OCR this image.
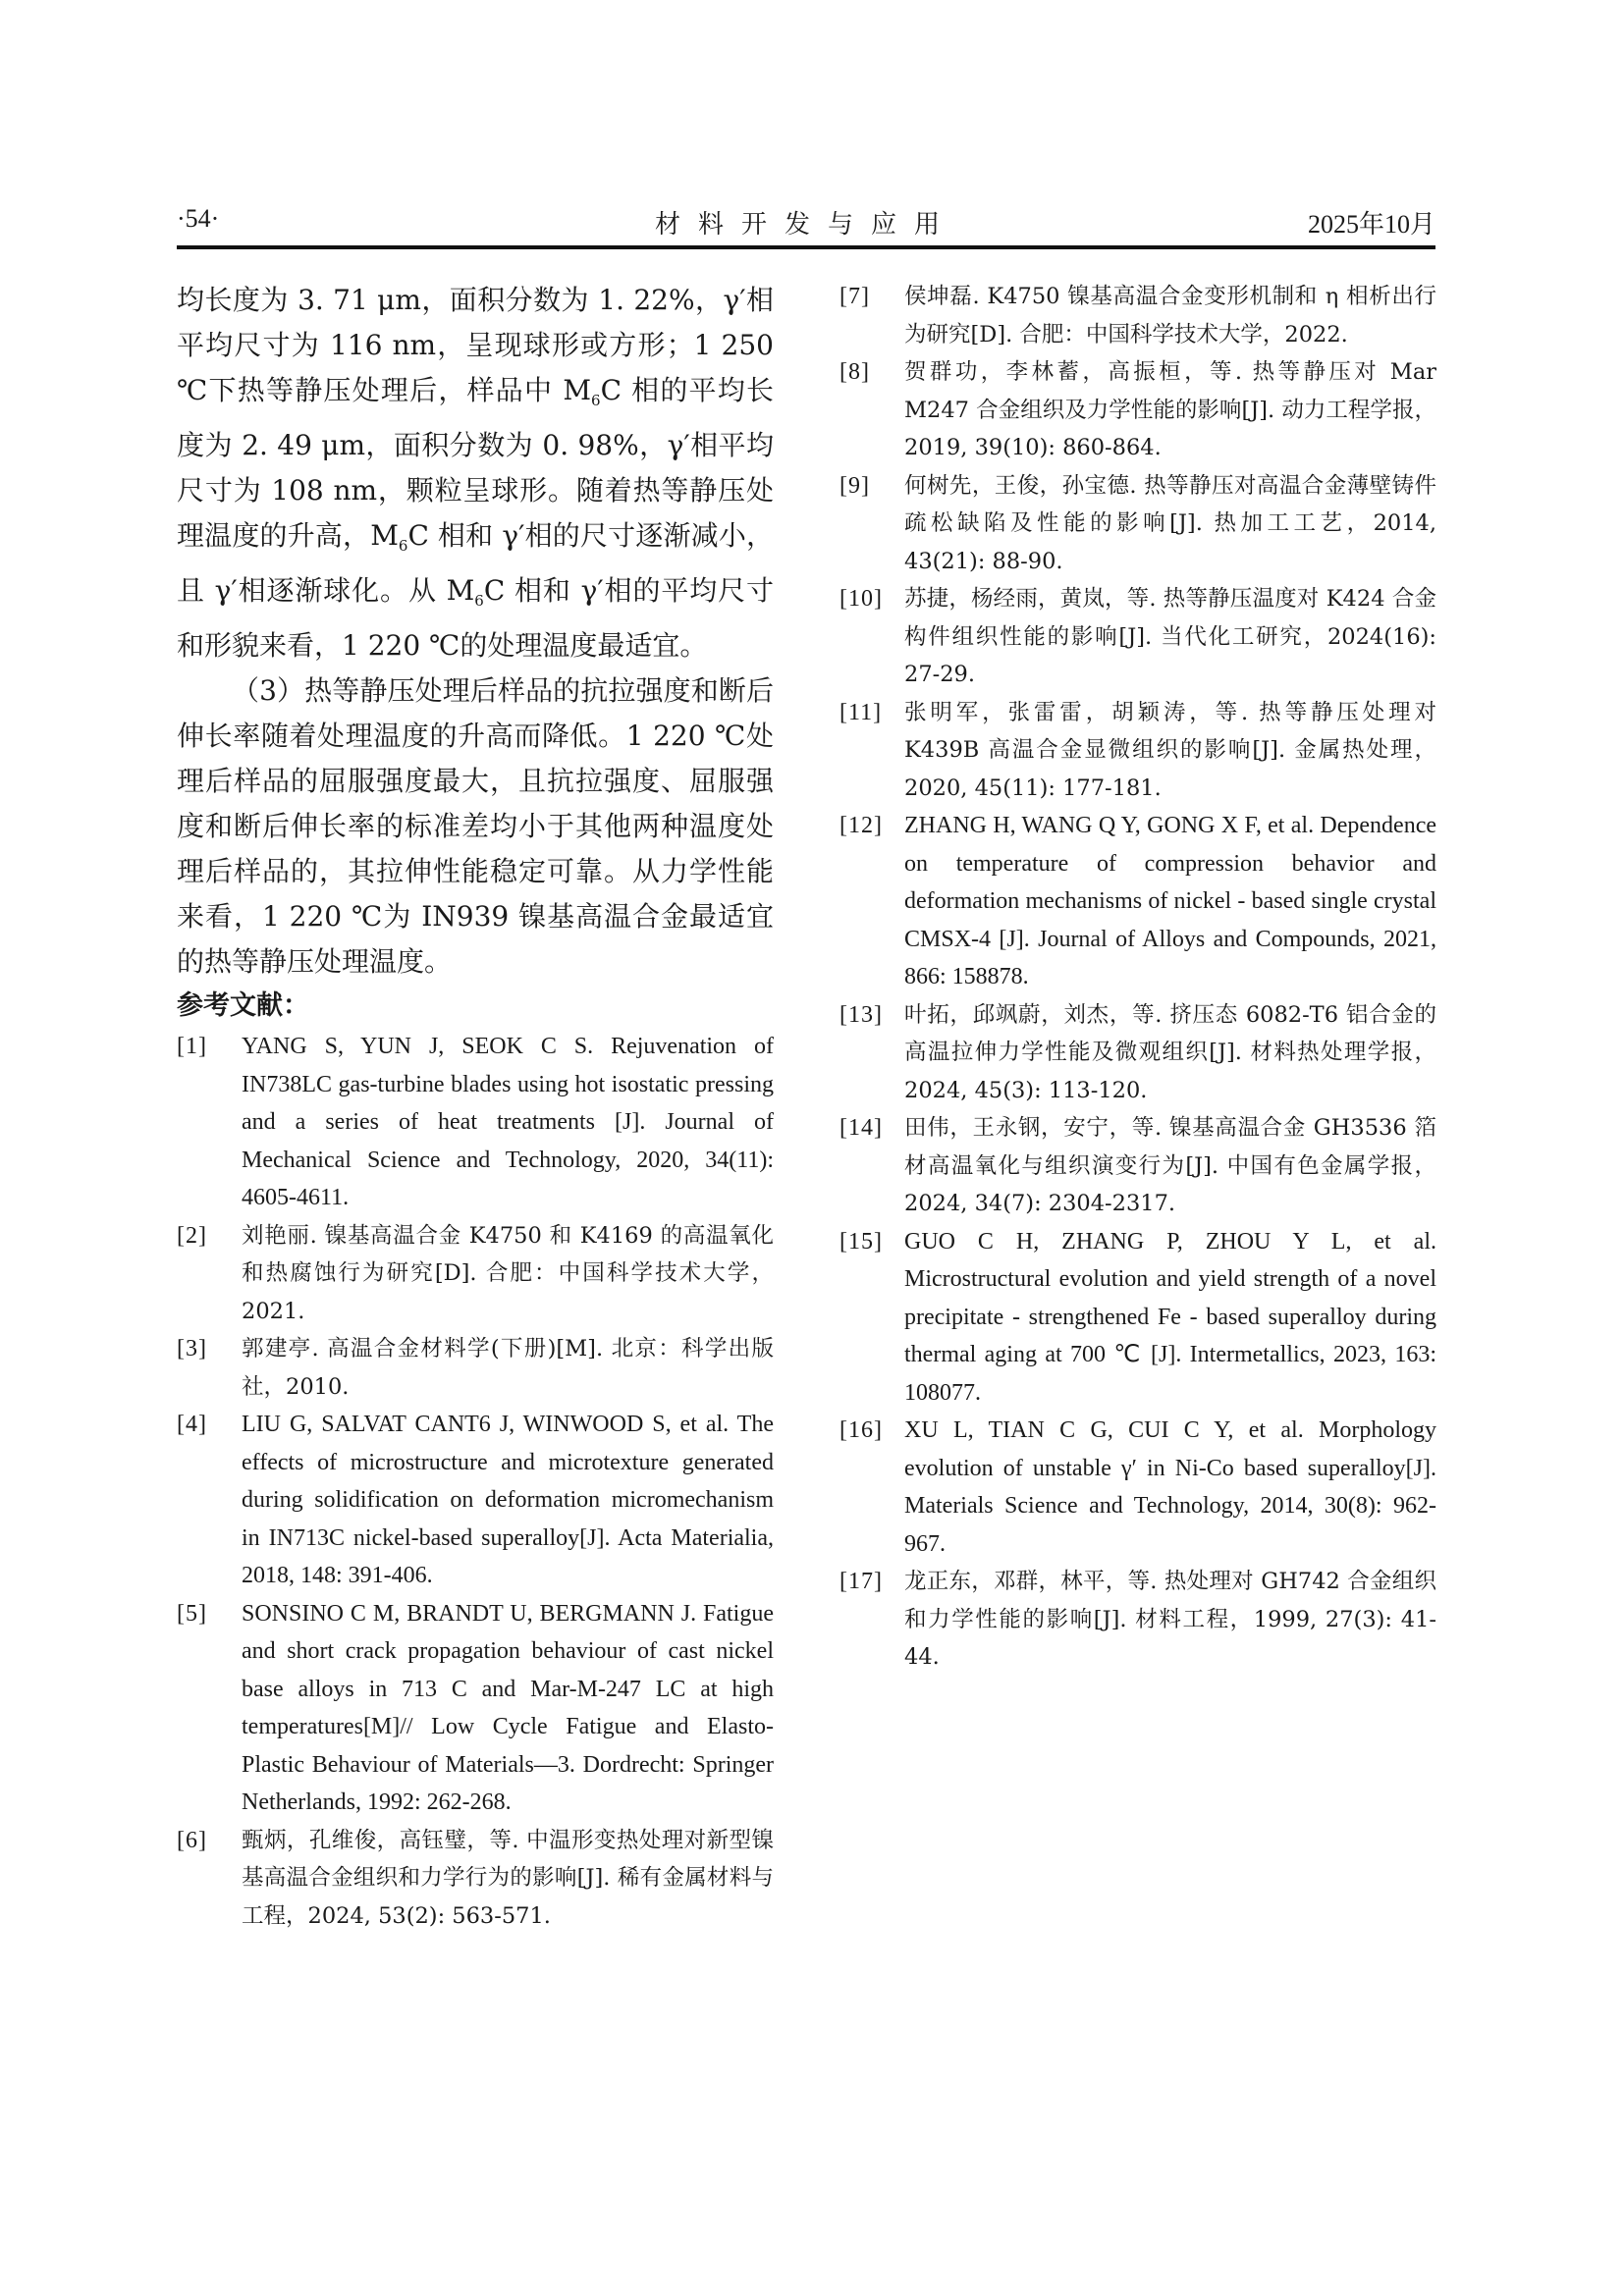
·54·	材料开发与应用	2025年10月

均长度为 3. 71 μm，面积分数为 1. 22%，γ′相平均尺寸为 116 nm，呈现球形或方形；1 250 ℃下热等静压处理后，样品中 $M_6C$ 相的平均长度为 2. 49 μm，面积分数为 0. 98%，γ′相平均尺寸为 108 nm，颗粒呈球形。随着热等静压处理温度的升高，$M_6C$ 相和 γ′相的尺寸逐渐减小，且 γ′相逐渐球化。从 $M_6C$ 相和 γ′相的平均尺寸和形貌来看，1 220 ℃的处理温度最适宜。

（3）热等静压处理后样品的抗拉强度和断后伸长率随着处理温度的升高而降低。1 220 ℃处理后样品的屈服强度最大，且抗拉强度、屈服强度和断后伸长率的标准差均小于其他两种温度处理后样品的，其拉伸性能稳定可靠。从力学性能来看，1 220 ℃为 IN939 镍基高温合金最适宜的热等静压处理温度。

参考文献：

[1] YANG S, YUN J, SEOK C S. Rejuvenation of IN738LC gas-turbine blades using hot isostatic pressing and a series of heat treatments [J]. Journal of Mechanical Science and Technology, 2020, 34(11): 4605-4611.

[2] 刘艳丽. 镍基高温合金 K4750 和 K4169 的高温氧化和热腐蚀行为研究[D]. 合肥：中国科学技术大学，2021.

[3] 郭建亭. 高温合金材料学(下册)[M]. 北京：科学出版社，2010.

[4] LIU G, SALVAT CANT6 J, WINWOOD S, et al. The effects of microstructure and microtexture generated during solidification on deformation micromechanism in IN713C nickel-based superalloy[J]. Acta Materialia, 2018, 148: 391-406.

[5] SONSINO C M, BRANDT U, BERGMANN J. Fatigue and short crack propagation behaviour of cast nickel base alloys in 713 C and Mar-M-247 LC at high temperatures[M]// Low Cycle Fatigue and Elasto-Plastic Behaviour of Materials—3. Dordrecht: Springer Netherlands, 1992: 262-268.

[6] 甄炳，孔维俊，高钰璧，等. 中温形变热处理对新型镍基高温合金组织和力学行为的影响[J]. 稀有金属材料与工程，2024, 53(2): 563-571.

[7] 侯坤磊. K4750 镍基高温合金变形机制和 η 相析出行为研究[D]. 合肥：中国科学技术大学，2022.

[8] 贺群功，李林蓄，高振桓，等. 热等静压对 Mar M247 合金组织及力学性能的影响[J]. 动力工程学报，2019, 39(10): 860-864.

[9] 何树先，王俊，孙宝德. 热等静压对高温合金薄壁铸件疏松缺陷及性能的影响[J]. 热加工工艺，2014, 43(21): 88-90.

[10] 苏捷，杨经雨，黄岚，等. 热等静压温度对 K424 合金构件组织性能的影响[J]. 当代化工研究，2024(16): 27-29.

[11] 张明军，张雷雷，胡颖涛，等. 热等静压处理对 K439B 高温合金显微组织的影响[J]. 金属热处理，2020, 45(11): 177-181.

[12] ZHANG H, WANG Q Y, GONG X F, et al. Dependence on temperature of compression behavior and deformation mechanisms of nickel - based single crystal CMSX-4 [J]. Journal of Alloys and Compounds, 2021, 866: 158878.

[13] 叶拓，邱飒蔚，刘杰，等. 挤压态 6082-T6 铝合金的高温拉伸力学性能及微观组织[J]. 材料热处理学报，2024, 45(3): 113-120.

[14] 田伟，王永钢，安宁，等. 镍基高温合金 GH3536 箔材高温氧化与组织演变行为[J]. 中国有色金属学报，2024, 34(7): 2304-2317.

[15] GUO C H, ZHANG P, ZHOU Y L, et al. Microstructural evolution and yield strength of a novel precipitate - strengthened Fe - based superalloy during thermal aging at 700 ℃ [J]. Intermetallics, 2023, 163: 108077.

[16] XU L, TIAN C G, CUI C Y, et al. Morphology evolution of unstable γ′ in Ni-Co based superalloy[J]. Materials Science and Technology, 2014, 30(8): 962-967.

[17] 龙正东，邓群，林平，等. 热处理对 GH742 合金组织和力学性能的影响[J]. 材料工程，1999, 27(3): 41-44.
